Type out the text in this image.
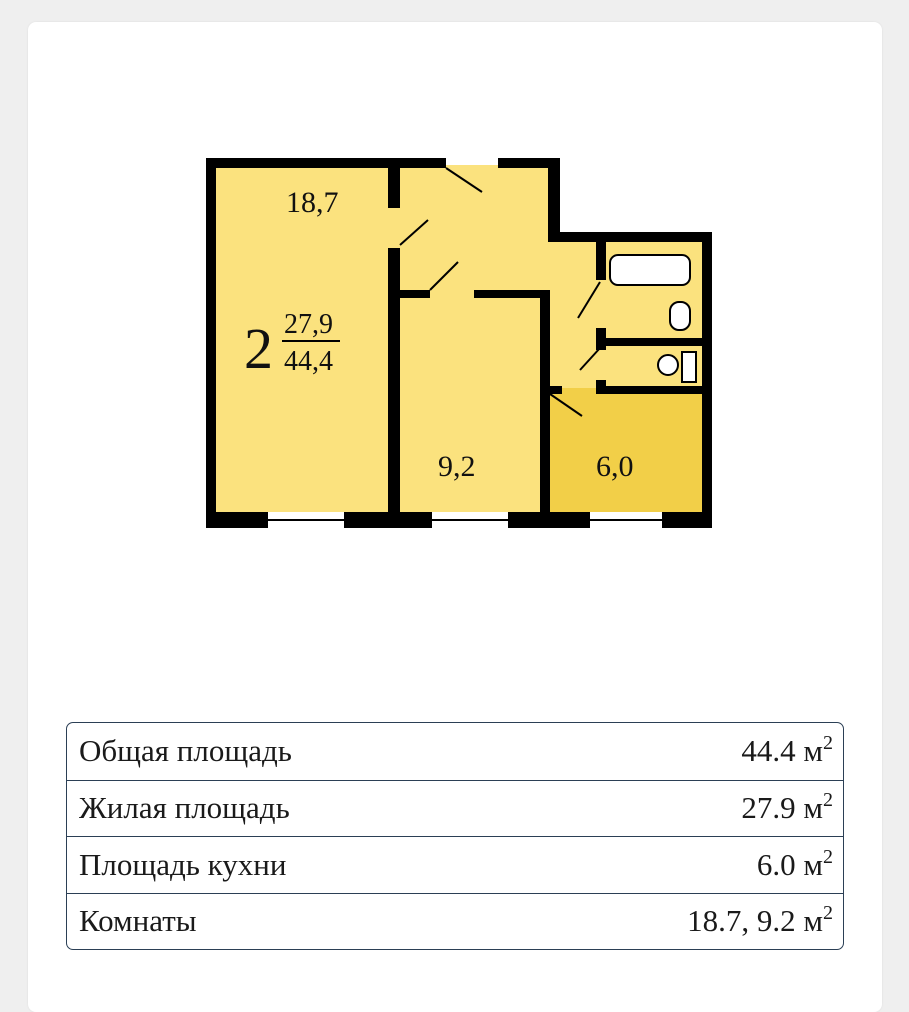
18,7
9,2	6,0
2 27,9
44,4
Общая площадь	44.4 $м^2$
Жилая площадь	27.9 $м^2$
Площадь кухни	6.0 $м^2$
Комнаты	18.7, 9.2 $м^2$
